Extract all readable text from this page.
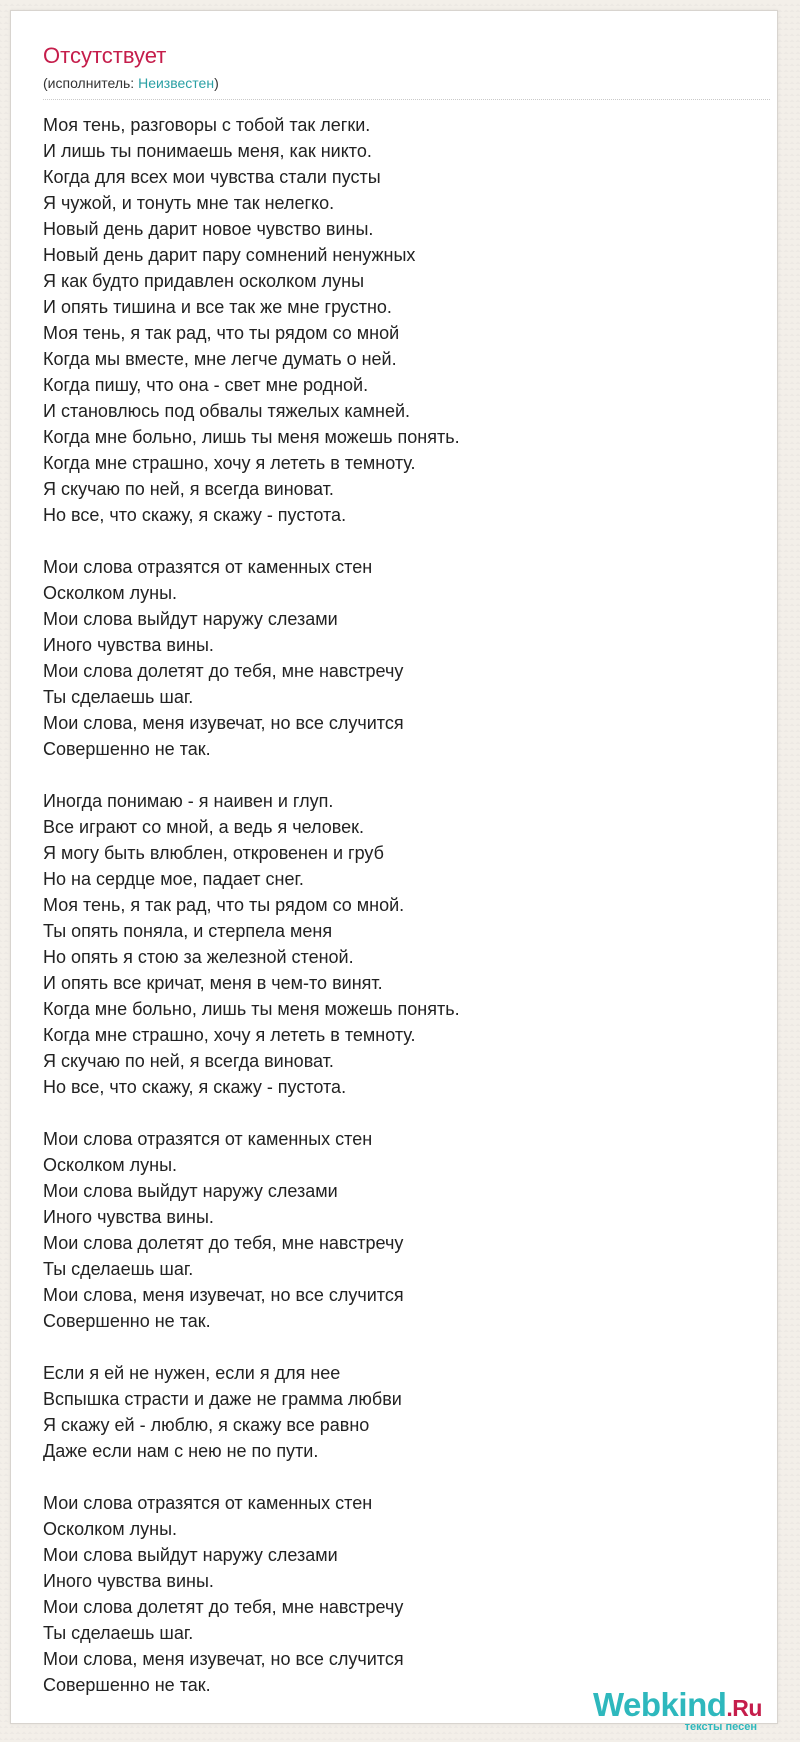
Отсутствует
(исполнитель: Неизвестен)
Моя тень, разговоры с тобой так легки.
И лишь ты понимаешь меня, как никто.
Когда для всех мои чувства стали пусты
Я чужой, и тонуть мне так нелегко.
Новый день дарит новое чувство вины.
Новый день дарит пару сомнений ненужных
Я как будто придавлен осколком луны
И опять тишина и все так же мне грустно.
Моя тень, я так рад, что ты рядом со мной
Когда мы вместе, мне легче думать о ней.
Когда пишу, что она - свет мне родной.
И становлюсь под обвалы тяжелых камней.
Когда мне больно, лишь ты меня можешь понять.
Когда мне страшно, хочу я лететь в темноту.
Я скучаю по ней, я всегда виноват.
Но все, что скажу, я скажу - пустота.
Мои слова отразятся от каменных стен
Осколком луны.
Мои слова выйдут наружу слезами
Иного чувства вины.
Мои слова долетят до тебя, мне навстречу
Ты сделаешь шаг.
Мои слова, меня изувечат, но все случится
Совершенно не так.
Иногда понимаю - я наивен и глуп.
Все играют со мной, а ведь я человек.
Я могу быть влюблен, откровенен и груб
Но на сердце мое, падает снег.
Моя тень, я так рад, что ты рядом со мной.
Ты опять поняла, и стерпела меня
Но опять я стою за железной стеной.
И опять все кричат, меня в чем-то винят.
Когда мне больно, лишь ты меня можешь понять.
Когда мне страшно, хочу я лететь в темноту.
Я скучаю по ней, я всегда виноват.
Но все, что скажу, я скажу - пустота.
Мои слова отразятся от каменных стен
Осколком луны.
Мои слова выйдут наружу слезами
Иного чувства вины.
Мои слова долетят до тебя, мне навстречу
Ты сделаешь шаг.
Мои слова, меня изувечат, но все случится
Совершенно не так.
Если я ей не нужен, если я для нее
Вспышка страсти и даже не грамма любви
Я скажу ей - люблю, я скажу все равно
Даже если нам с нею не по пути.
Мои слова отразятся от каменных стен
Осколком луны.
Мои слова выйдут наружу слезами
Иного чувства вины.
Мои слова долетят до тебя, мне навстречу
Ты сделаешь шаг.
Мои слова, меня изувечат, но все случится
Совершенно не так.
Webkind.Ru
тексты песен
